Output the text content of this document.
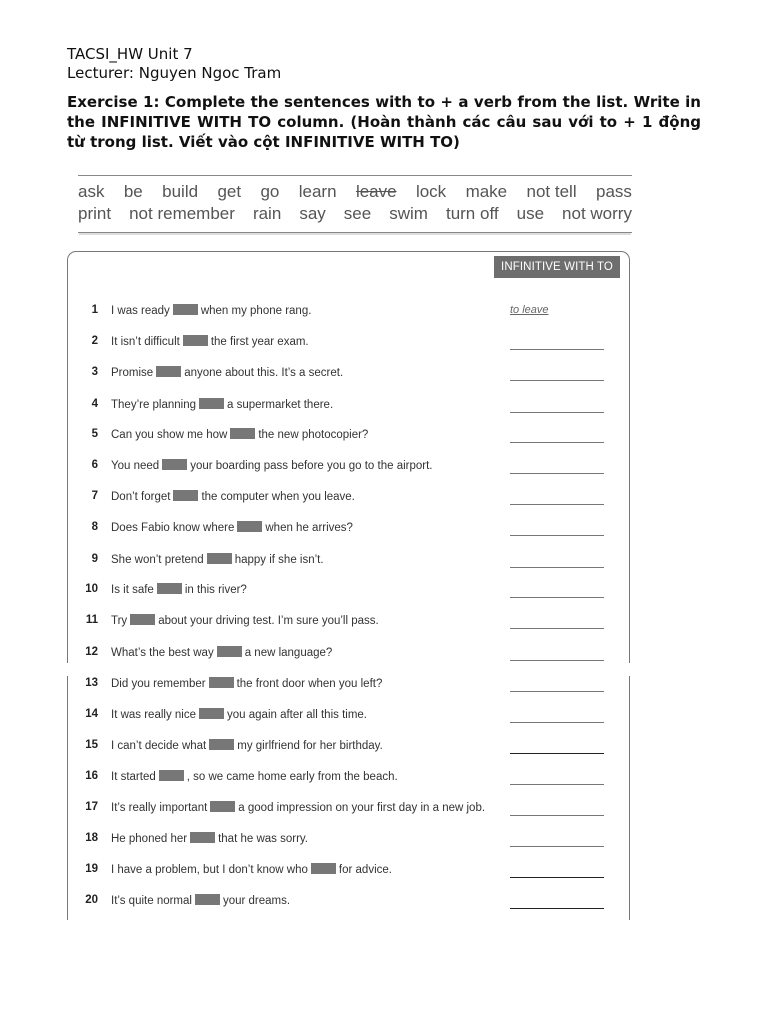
TACSI_HW Unit 7
Lecturer: Nguyen Ngoc Tram
Exercise 1: Complete the sentences with to + a verb from the list. Write in the INFINITIVE WITH TO column. (Hoàn thành các câu sau với to + 1 động từ trong list. Viết vào cột INFINITIVE WITH TO)
ask be build get go learn leave lock make not tell pass
print not remember rain say see swim turn off use not worry
INFINITIVE WITH TO
1 I was ready	when my phone rang.	to leave
2 It isn’t difficult	the first year exam.
3 Promise	anyone about this. It’s a secret.
4 They’re planning	a supermarket there.
5 Can you show me how	the new photocopier?
6 You need	your boarding pass before you go to the airport.
7 Don’t forget	the computer when you leave.
8 Does Fabio know where	when he arrives?
9 She won’t pretend	happy if she isn’t.
10 Is it safe	in this river?
11 Try	about your driving test. I’m sure you’ll pass.
12 What’s the best way	a new language?
13 Did you remember	the front door when you left?
14 It was really nice	you again after all this time.
15 I can’t decide what	my girlfriend for her birthday.
16 It started	, so we came home early from the beach.
17 It’s really important	a good impression on your first day in a new job.
18 He phoned her	that he was sorry.
19 I have a problem, but I don’t know who	for advice.
20 It’s quite normal	your dreams.
